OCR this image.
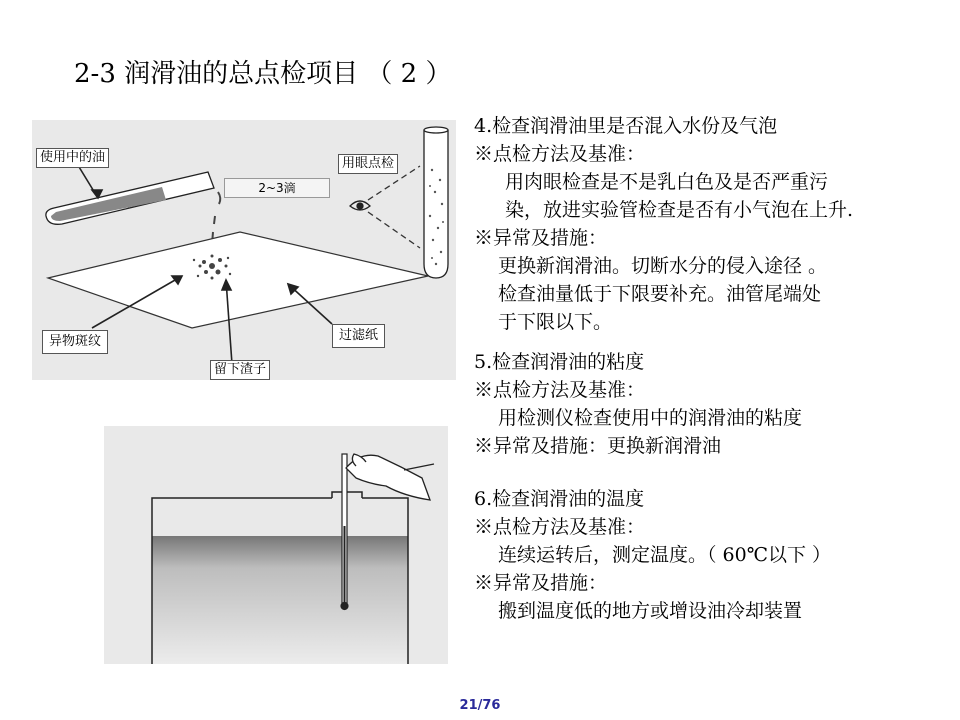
2-3 润滑油的总点检项目 （ 2 ）
使用中的油
2~3滴
用眼点检
异物斑纹	过滤纸
留下渣子
4.检查润滑油里是否混入水份及气泡
※点检方法及基准：
用肉眼检查是不是乳白色及是否严重污
染，放进实验管检查是否有小气泡在上升.
※异常及措施：
更换新润滑油。切断水分的侵入途径 。
检查油量低于下限要补充。油管尾端处
于下限以下。
5.检查润滑油的粘度
※点检方法及基准：
用检测仪检查使用中的润滑油的粘度
※异常及措施：更换新润滑油
6.检查润滑油的温度
※点检方法及基准：
连续运转后，测定温度。（ 60℃以下 ）
※异常及措施：
搬到温度低的地方或增设油冷却装置
21/76
